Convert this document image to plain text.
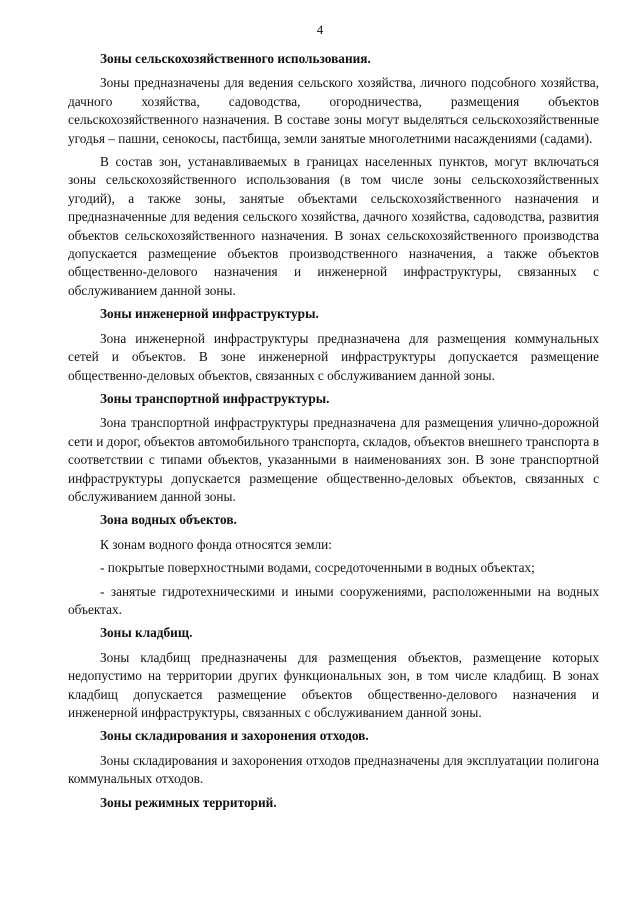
4

Зоны сельскохозяйственного использования.

Зоны предназначены для ведения сельского хозяйства, личного подсобного хозяйства, дачного хозяйства, садоводства, огородничества, размещения объектов сельскохозяйственного назначения. В составе зоны могут выделяться сельскохозяйственные угодья – пашни, сенокосы, пастбища, земли занятые многолетними насаждениями (садами).

В состав зон, устанавливаемых в границах населенных пунктов, могут включаться зоны сельскохозяйственного использования (в том числе зоны сельскохозяйственных угодий), а также зоны, занятые объектами сельскохозяйственного назначения и предназначенные для ведения сельского хозяйства, дачного хозяйства, садоводства, развития объектов сельскохозяйственного назначения. В зонах сельскохозяйственного производства допускается размещение объектов производственного назначения, а также объектов общественно-делового назначения и инженерной инфраструктуры, связанных с обслуживанием данной зоны.

Зоны инженерной инфраструктуры.

Зона инженерной инфраструктуры предназначена для размещения коммунальных сетей и объектов. В зоне инженерной инфраструктуры допускается размещение общественно-деловых объектов, связанных с обслуживанием данной зоны.

Зоны транспортной инфраструктуры.

Зона транспортной инфраструктуры предназначена для размещения улично-дорожной сети и дорог, объектов автомобильного транспорта, складов, объектов внешнего транспорта в соответствии с типами объектов, указанными в наименованиях зон. В зоне транспортной инфраструктуры допускается размещение общественно-деловых объектов, связанных с обслуживанием данной зоны.

Зона водных объектов.

К зонам водного фонда относятся земли:

- покрытые поверхностными водами, сосредоточенными в водных объектах;

- занятые гидротехническими и иными сооружениями, расположенными на водных объектах.

Зоны кладбищ.

Зоны кладбищ предназначены для размещения объектов, размещение которых недопустимо на территории других функциональных зон, в том числе кладбищ. В зонах кладбищ допускается размещение объектов общественно-делового назначения и инженерной инфраструктуры, связанных с обслуживанием данной зоны.

Зоны складирования и захоронения отходов.

Зоны складирования и захоронения отходов предназначены для эксплуатации полигона коммунальных отходов.

Зоны режимных территорий.
